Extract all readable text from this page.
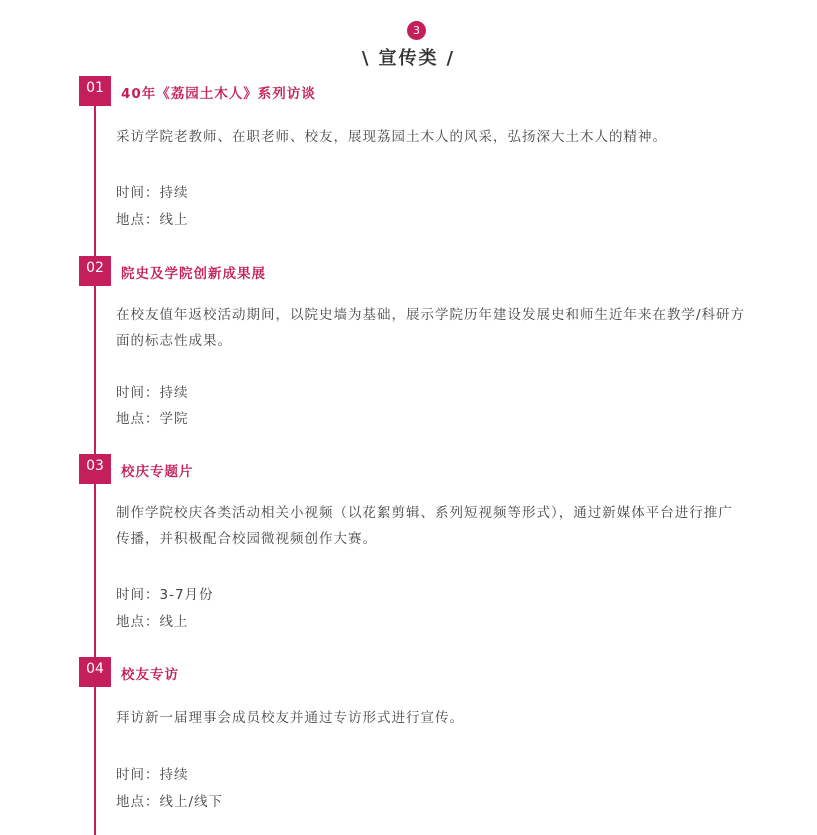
3
\ 宣传类 /
01	40年《荔园土木人》系列访谈
采访学院老教师、在职老师、校友，展现荔园土木人的风采，弘扬深大土木人的精神。
时间：持续
地点：线上
02	院史及学院创新成果展
在校友值年返校活动期间，以院史墙为基础，展示学院历年建设发展史和师生近年来在教学/科研方面的标志性成果。
时间：持续
地点：学院
03	校庆专题片
制作学院校庆各类活动相关小视频（以花絮剪辑、系列短视频等形式），通过新媒体平台进行推广传播，并积极配合校园微视频创作大赛。
时间：3-7月份
地点：线上
04	校友专访
拜访新一届理事会成员校友并通过专访形式进行宣传。
时间：持续
地点：线上/线下
